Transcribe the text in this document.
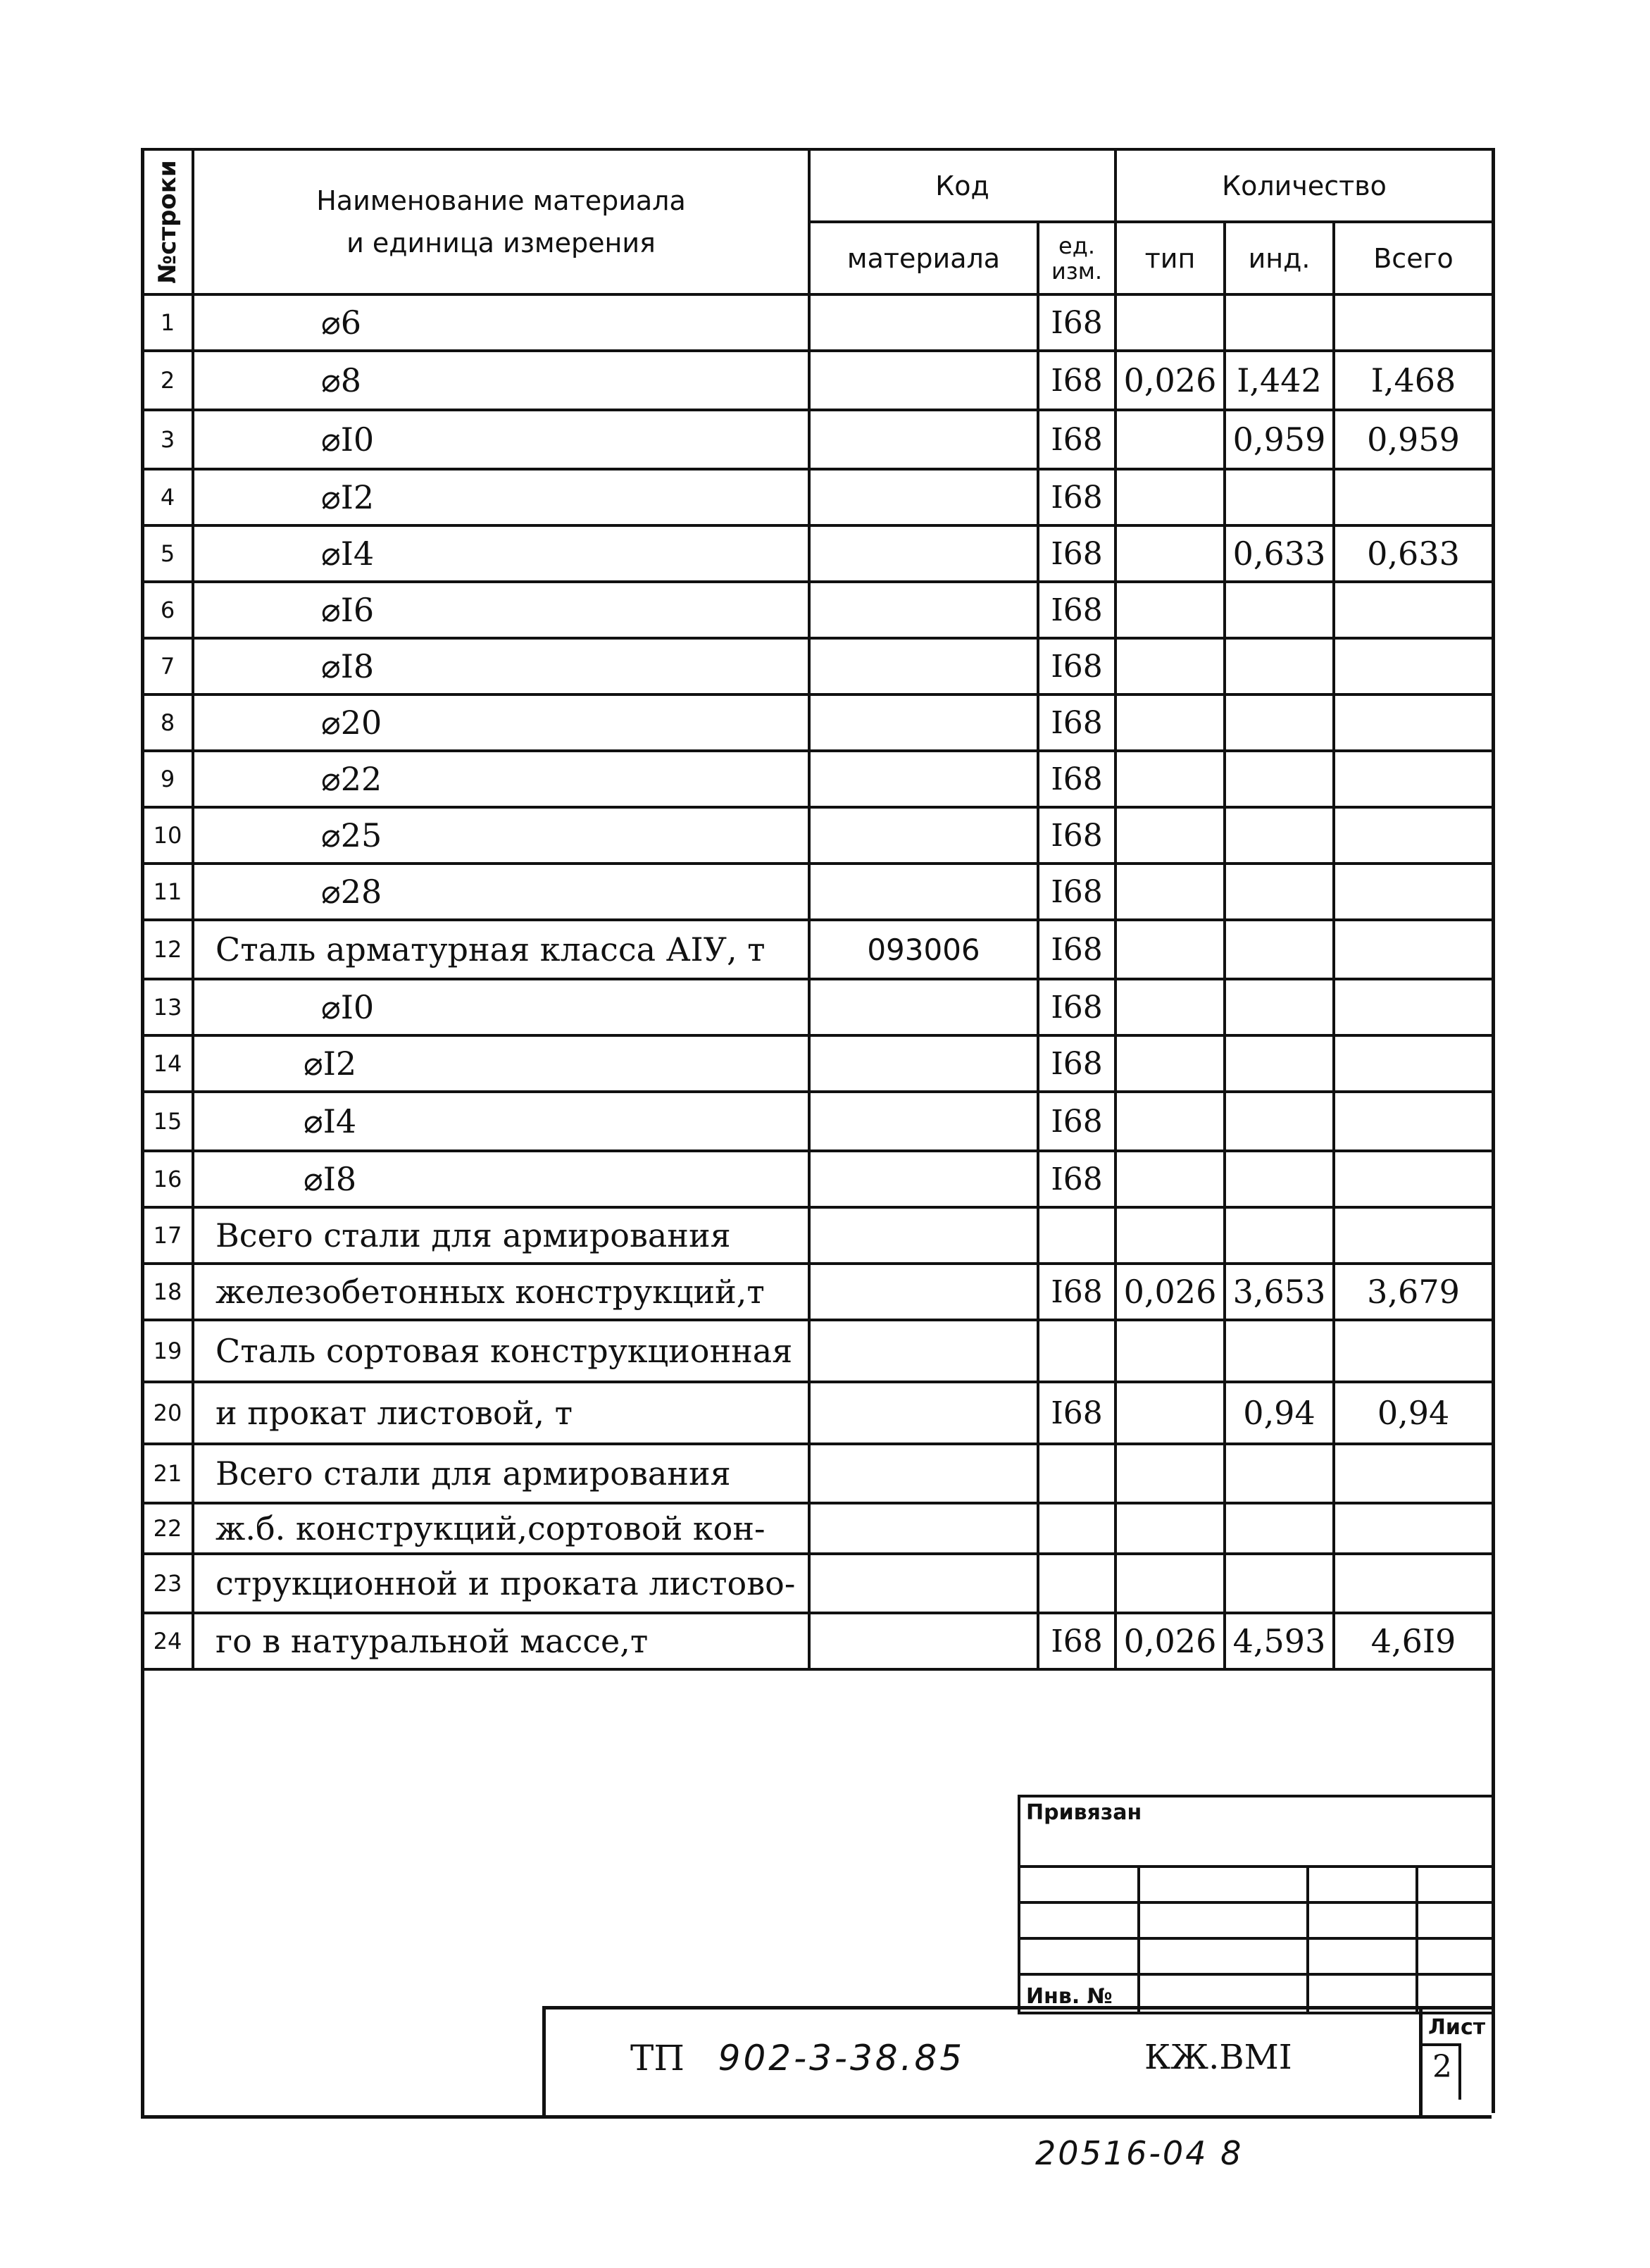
№строки	Наименование материала
и единица измерения	Код		Количество		
		материала	ед. изм.	тип	инд.	Всего
1	⌀6		I68			
2	⌀8		I68	0,026	I,442	I,468
3	⌀I0		I68		0,959	0,959
4	⌀I2		I68			
5	⌀I4		I68		0,633	0,633
6	⌀I6		I68			
7	⌀I8		I68			
8	⌀20		I68			
9	⌀22		I68			
10	⌀25		I68			
11	⌀28		I68			
12	Сталь арматурная класса АIУ, т	093006	I68			
13	⌀I0		I68			
14	⌀I2		I68			
15	⌀I4		I68			
16	⌀I8		I68			
17	Всего стали для армирования					
18	железобетонных конструкций,т		I68	0,026	3,653	3,679
19	Сталь сортовая конструкционная					
20	и прокат листовой, т		I68		0,94	0,94
21	Всего стали для армирования					
22	ж.б. конструкций,сортовой кон-					
23	струкционной и проката листово-					
24	го в натуральной массе,т		I68	0,026	4,593	4,6I9
Привязан			

Инв. №			
ТП 902-3-38.85	КЖ.ВМI
Лист
2
20516-04 8
